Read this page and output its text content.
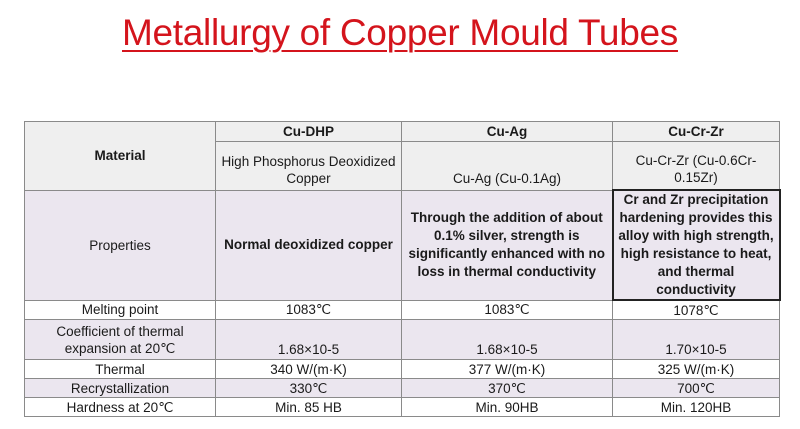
Metallurgy of Copper Mould Tubes
Material	Cu-DHP	Cu-Ag	Cu-Cr-Zr
	High Phosphorus Deoxidized Copper	Cu-Ag (Cu-0.1Ag)	Cu-Cr-Zr (Cu-0.6Cr-0.15Zr)
Properties	Normal deoxidized copper	Through the addition of about 0.1% silver, strength is significantly enhanced with no loss in thermal conductivity	Cr and Zr precipitation hardening provides this alloy with high strength, high resistance to heat, and thermal conductivity
Melting point	1083℃	1083℃	1078℃
Coefficient of thermal expansion at 20℃	1.68×10-5	1.68×10-5	1.70×10-5
Thermal	340 W/(m·K)	377 W/(m·K)	325 W/(m·K)
Recrystallization	330℃	370℃	700℃
Hardness at 20℃	Min. 85 HB	Min. 90HB	Min. 120HB
